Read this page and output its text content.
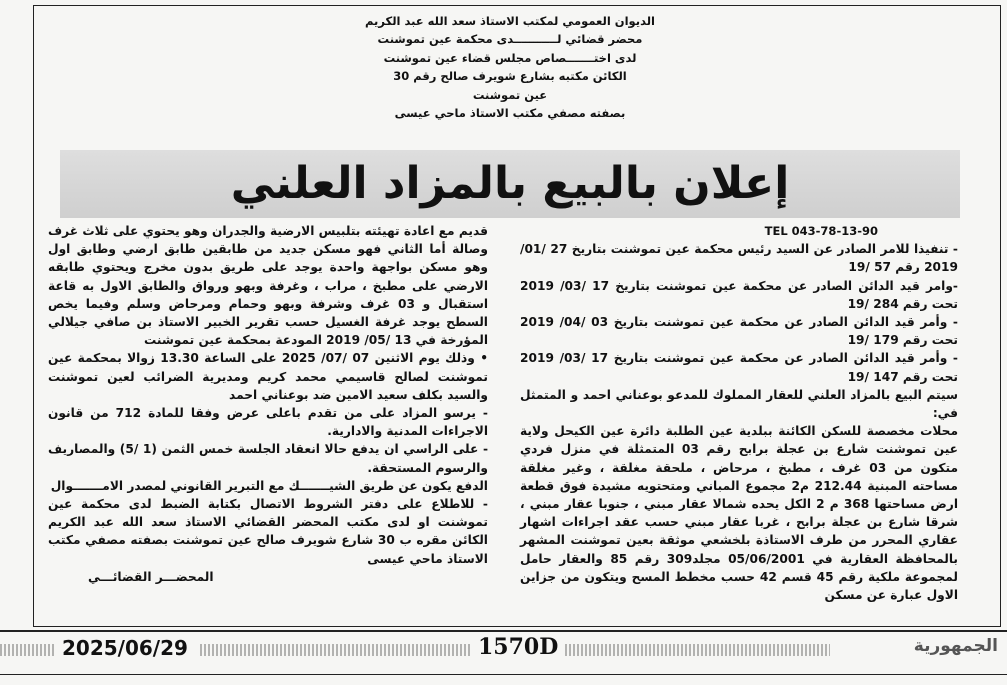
الديوان العمومي لمكتب الاستاذ سعد الله عبد الكريم
محضر قضائي لـــــــــــدى محكمة عين تموشنت
لدى اختـــــــصاص مجلس قضاء عين تموشنت
الكائن مكتبه بشارع شويرف صالح رقم 30
عين تموشنت
بصفته مصفي مكتب الاستاذ ماحي عيسى
إعلان بالبيع بالمزاد العلني

TEL 043-78-13-90

- تنفيذا للامر الصادر عن السيد رئيس محكمة عين تموشنت بتاريخ 27 /01/ 2019 رقم 57 /19

-وامر قيد الدائن الصادر عن محكمة عين تموشنت بتاريخ 17 /03/ 2019 تحت رقم 284 /19

- وأمر قيد الدائن الصادر عن محكمة عين تموشنت بتاريخ 03 /04/ 2019 تحت رقم 179 /19

- وأمر قيد الدائن الصادر عن محكمة عين تموشنت بتاريخ 17 /03/ 2019 تحت رقم 147 /19

سيتم البيع بالمزاد العلني للعقار المملوك للمدعو بوعناني احمد و المتمثل في:

محلات مخصصة للسكن الكائنة ببلدية عين الطلبة دائرة عين الكيحل ولاية عين تموشنت شارع بن عجلة برابح رقم 03 المتمثلة في منزل فردي متكون من 03 غرف ، مطبخ ، مرحاض ، ملحقة مغلقة ، وغير مغلقة مساحته المبنية 212.44 م2 مجموع المباني ومتحتويه مشيدة فوق قطعة ارض مساحتها 368 م 2 الكل يحده شمالا عقار مبني ، جنوبا عقار مبني ، شرقا شارع بن عجلة برابح ، غربا عقار مبني حسب عقد اجراءات اشهار عقاري المحرر من طرف الاستاذة بلخشعي موثقة بعين تموشنت المشهر بالمحافظة العقارية في 05/06/2001 مجلد309 رقم 85 والعقار حامل لمجموعة ملكية رقم 45 قسم 42 حسب مخطط المسح ويتكون من جزاين الاول عبارة عن مسكن

قديم مع اعادة تهيئته بتلبيس الارضية والجدران وهو يحتوي على ثلاث غرف وصالة أما الثاني فهو مسكن جديد من طابقين طابق ارضي وطابق اول وهو مسكن بواجهة واحدة يوجد على طريق بدون مخرج ويحتوي طابقه الارضي على مطبخ ، مراب ، وغرفة وبهو ورواق والطابق الاول به قاعة استقبال و 03 غرف وشرفة وبهو وحمام ومرحاض وسلم وفيما يخص السطح يوجد غرفة الغسيل حسب تقرير الخبير الاستاذ بن صافي جيلالي المؤرخة في 13 /05/ 2019 المودعة بمحكمة عين تموشنت

• وذلك يوم الاثنين 07 /07/ 2025 على الساعة 13.30 زوالا بمحكمة عين تموشنت لصالح قاسيمي محمد كريم ومديرية الضرائب لعين تموشنت والسيد بكلف سعيد الامين ضد بوعناني احمد

- يرسو المزاد على من تقدم باعلى عرض وفقا للمادة 712 من قانون الاجراءات المدنية والادارية.

- على الراسي ان يدفع حالا انعقاد الجلسة خمس الثمن (1 /5) والمصاريف والرسوم المستحقة.

الدفع يكون عن طريق الشيـــــــك مع التبرير القانوني لمصدر الامـــــــوال

- للاطلاع على دفتر الشروط الاتصال بكتابة الضبط لدى محكمة عين تموشنت او لدى مكتب المحضر القضائي الاستاذ سعد الله عبد الكريم الكائن مقره ب 30 شارع شويرف صالح عين تموشنت بصفته مصفي مكتب الاستاذ ماحي عيسى

المحضـــر القضائـــي

2025/06/29	1570D	الجمهورية
